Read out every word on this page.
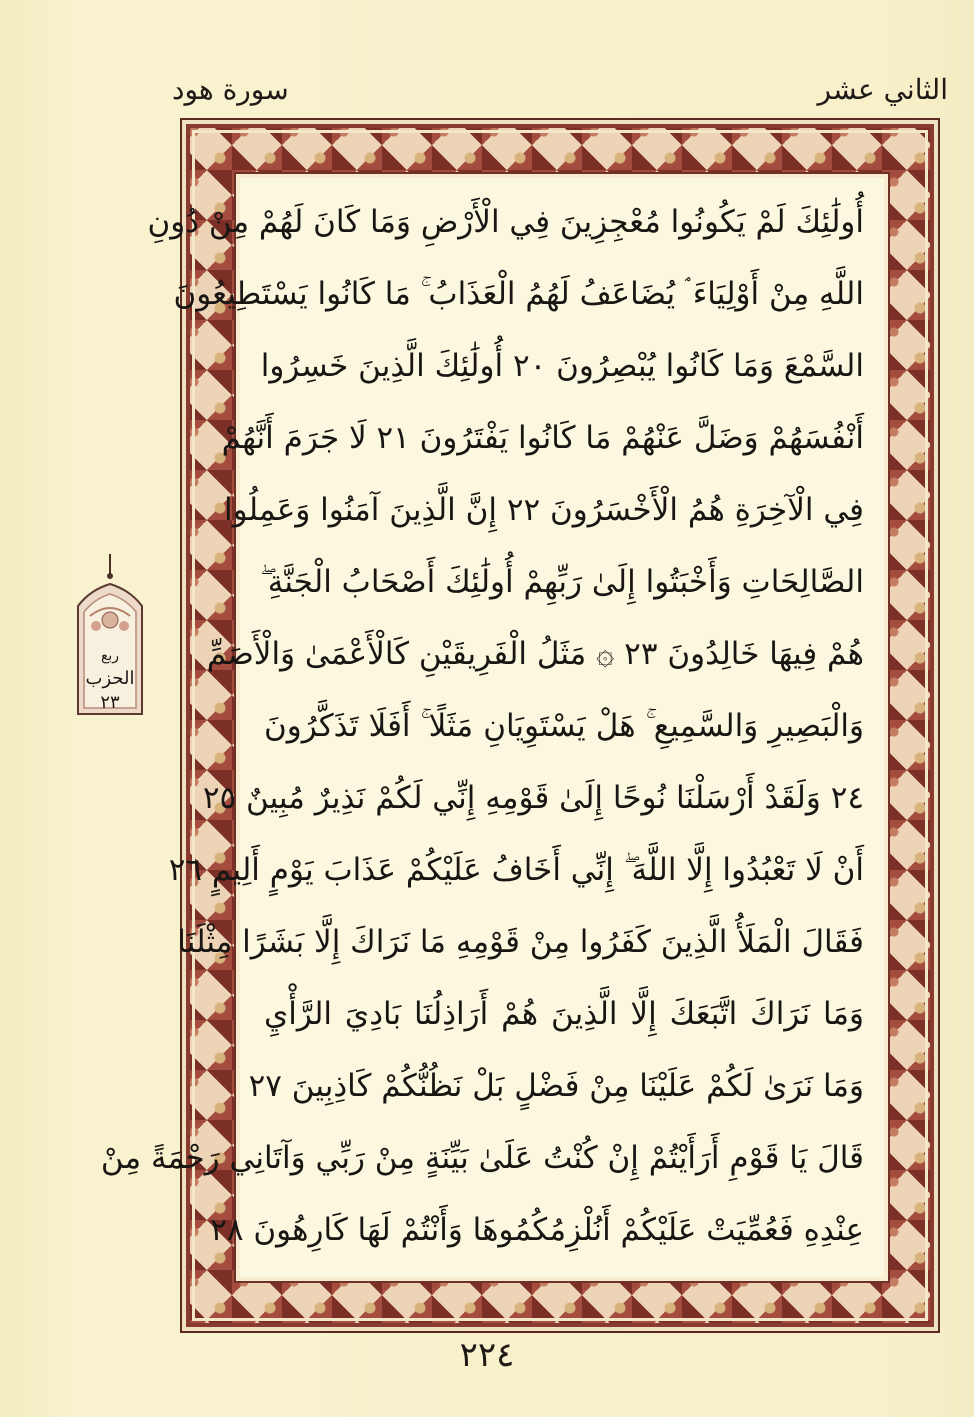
الثاني عشر
سورة هود
ربع
الحزب
٢٣
أُولَٰئِكَ لَمْ يَكُونُوا مُعْجِزِينَ فِي الْأَرْضِ وَمَا كَانَ لَهُمْ مِنْ دُونِ
اللَّهِ مِنْ أَوْلِيَاءَ ۘ يُضَاعَفُ لَهُمُ الْعَذَابُ ۚ مَا كَانُوا يَسْتَطِيعُونَ
السَّمْعَ وَمَا كَانُوا يُبْصِرُونَ ٢٠ أُولَٰئِكَ الَّذِينَ خَسِرُوا
أَنْفُسَهُمْ وَضَلَّ عَنْهُمْ مَا كَانُوا يَفْتَرُونَ ٢١ لَا جَرَمَ أَنَّهُمْ
فِي الْآخِرَةِ هُمُ الْأَخْسَرُونَ ٢٢ إِنَّ الَّذِينَ آمَنُوا وَعَمِلُوا
الصَّالِحَاتِ وَأَخْبَتُوا إِلَىٰ رَبِّهِمْ أُولَٰئِكَ أَصْحَابُ الْجَنَّةِ ۖ
هُمْ فِيهَا خَالِدُونَ ٢٣ ۞ مَثَلُ الْفَرِيقَيْنِ كَالْأَعْمَىٰ وَالْأَصَمِّ
وَالْبَصِيرِ وَالسَّمِيعِ ۚ هَلْ يَسْتَوِيَانِ مَثَلًا ۚ أَفَلَا تَذَكَّرُونَ
٢٤ وَلَقَدْ أَرْسَلْنَا نُوحًا إِلَىٰ قَوْمِهِ إِنِّي لَكُمْ نَذِيرٌ مُبِينٌ ٢٥
أَنْ لَا تَعْبُدُوا إِلَّا اللَّهَ ۖ إِنِّي أَخَافُ عَلَيْكُمْ عَذَابَ يَوْمٍ أَلِيمٍ ٢٦
فَقَالَ الْمَلَأُ الَّذِينَ كَفَرُوا مِنْ قَوْمِهِ مَا نَرَاكَ إِلَّا بَشَرًا مِثْلَنَا
وَمَا نَرَاكَ اتَّبَعَكَ إِلَّا الَّذِينَ هُمْ أَرَاذِلُنَا بَادِيَ الرَّأْيِ
وَمَا نَرَىٰ لَكُمْ عَلَيْنَا مِنْ فَضْلٍ بَلْ نَظُنُّكُمْ كَاذِبِينَ ٢٧
قَالَ يَا قَوْمِ أَرَأَيْتُمْ إِنْ كُنْتُ عَلَىٰ بَيِّنَةٍ مِنْ رَبِّي وَآتَانِي رَحْمَةً مِنْ
عِنْدِهِ فَعُمِّيَتْ عَلَيْكُمْ أَنُلْزِمُكُمُوهَا وَأَنْتُمْ لَهَا كَارِهُونَ ٢٨
٢٢٤
